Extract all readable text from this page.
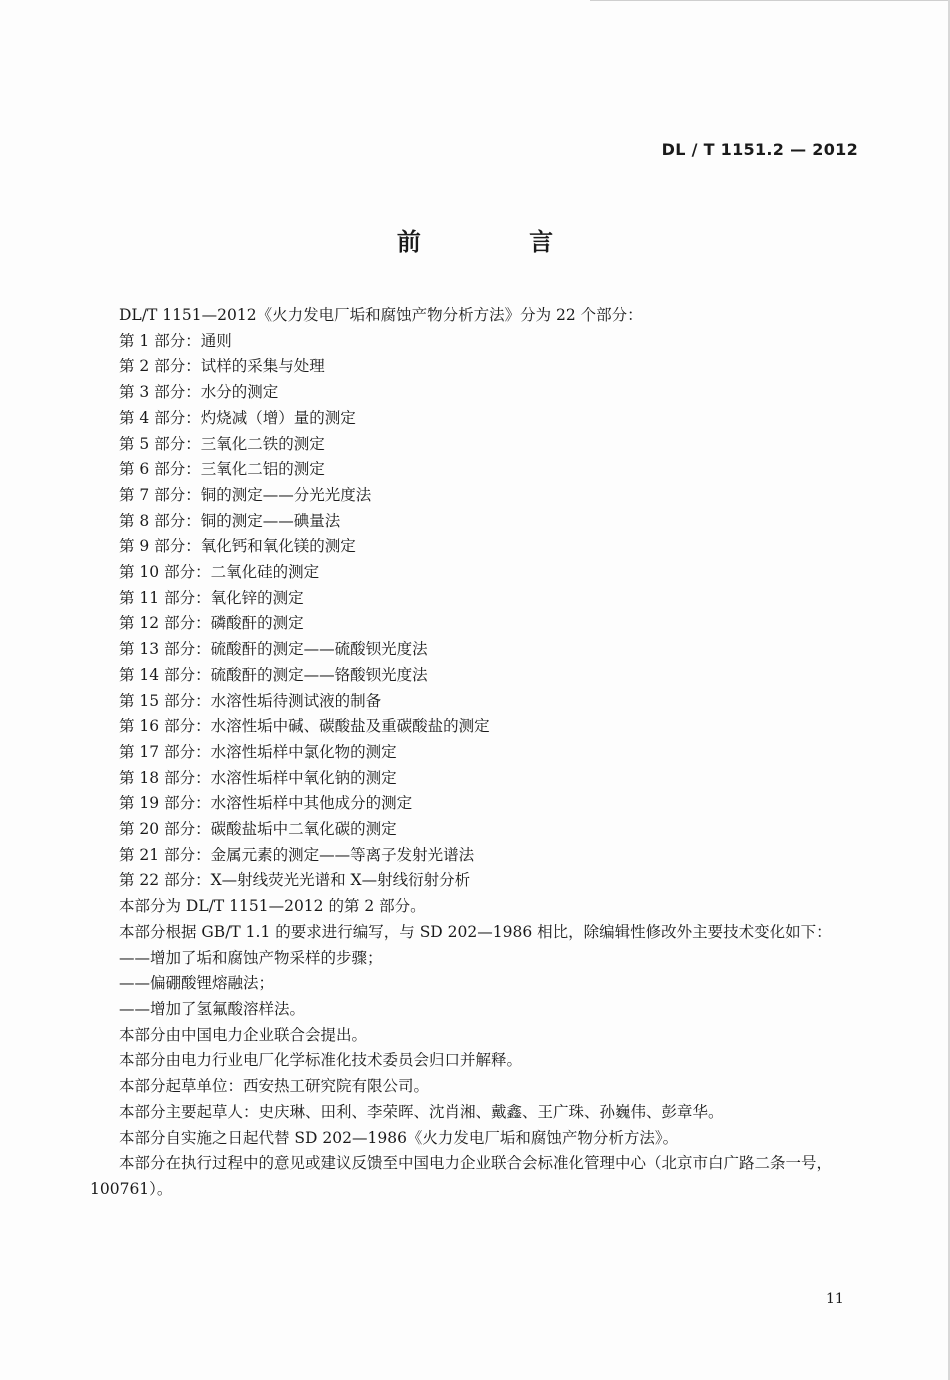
DL / T 1151.2 — 2012
前 言

DL/T 1151—2012《火力发电厂垢和腐蚀产物分析方法》分为 22 个部分：

第 1 部分：通则

第 2 部分：试样的采集与处理

第 3 部分：水分的测定

第 4 部分：灼烧减（增）量的测定

第 5 部分：三氧化二铁的测定

第 6 部分：三氧化二铝的测定

第 7 部分：铜的测定——分光光度法

第 8 部分：铜的测定——碘量法

第 9 部分：氧化钙和氧化镁的测定

第 10 部分：二氧化硅的测定

第 11 部分：氧化锌的测定

第 12 部分：磷酸酐的测定

第 13 部分：硫酸酐的测定——硫酸钡光度法

第 14 部分：硫酸酐的测定——铬酸钡光度法

第 15 部分：水溶性垢待测试液的制备

第 16 部分：水溶性垢中碱、碳酸盐及重碳酸盐的测定

第 17 部分：水溶性垢样中氯化物的测定

第 18 部分：水溶性垢样中氧化钠的测定

第 19 部分：水溶性垢样中其他成分的测定

第 20 部分：碳酸盐垢中二氧化碳的测定

第 21 部分：金属元素的测定——等离子发射光谱法

第 22 部分：X—射线荧光光谱和 X—射线衍射分析

本部分为 DL/T 1151—2012 的第 2 部分。

本部分根据 GB/T 1.1 的要求进行编写，与 SD 202—1986 相比，除编辑性修改外主要技术变化如下：

——增加了垢和腐蚀产物采样的步骤；

——偏硼酸锂熔融法；

——增加了氢氟酸溶样法。

本部分由中国电力企业联合会提出。

本部分由电力行业电厂化学标准化技术委员会归口并解释。

本部分起草单位：西安热工研究院有限公司。

本部分主要起草人：史庆琳、田利、李荣晖、沈肖湘、戴鑫、王广珠、孙巍伟、彭章华。

本部分自实施之日起代替 SD 202—1986《火力发电厂垢和腐蚀产物分析方法》。

本部分在执行过程中的意见或建议反馈至中国电力企业联合会标准化管理中心（北京市白广路二条一号，100761）。

11
